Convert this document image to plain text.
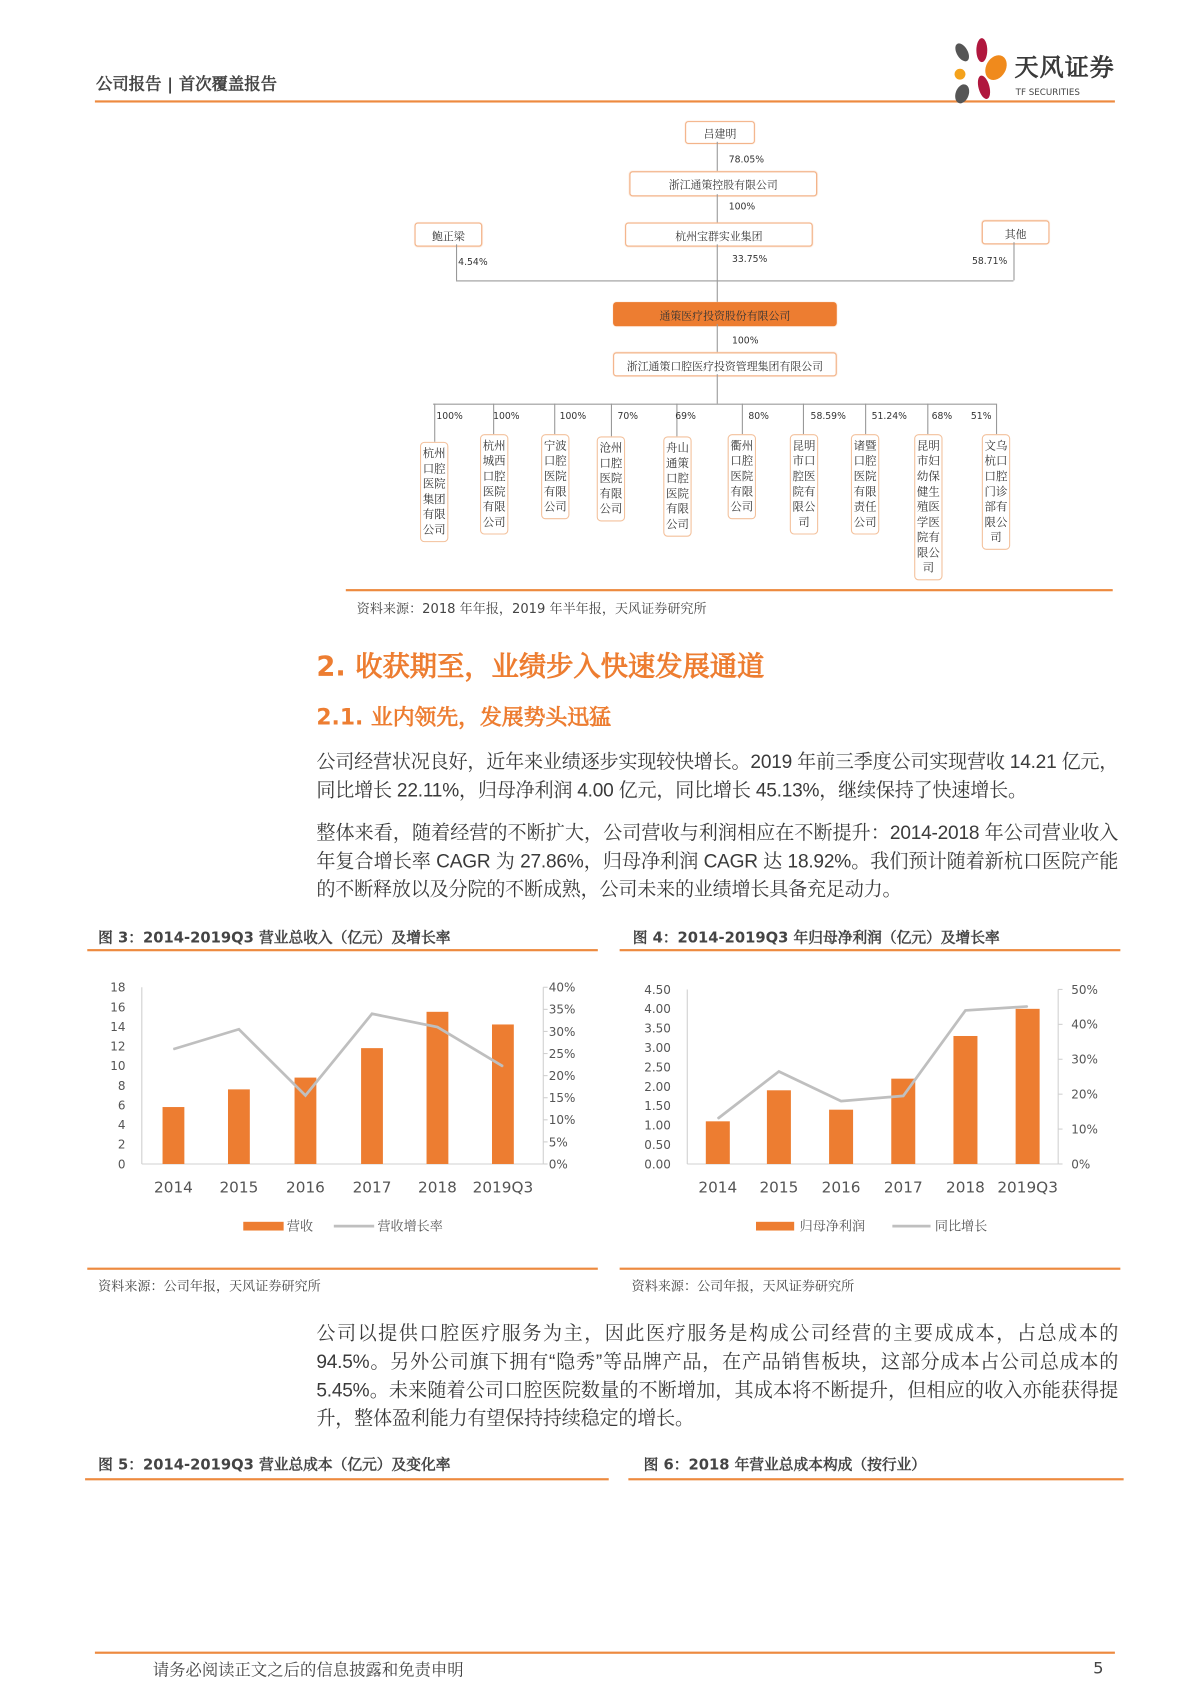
公司报告 | 首次覆盖报告
天风证券
TF SECURITIES
吕建明
78.05%
浙江通策控股有限公司
100%
鲍正梁	杭州宝群实业集团	其他
4.54%	33.75%	58.71%
通策医疗投资股份有限公司
100%
浙江通策口腔医疗投资管理集团有限公司
100%
杭州口腔医院集团有限公司
100%
杭州城西口腔医院有限公司
100%
宁波口腔医院有限公司
70%
沧州口腔医院有限公司
69%
舟山通策口腔医院有限公司
80%
衢州口腔医院有限公司
58.59%
昆明市口腔医院有限公司
51.24%
诸暨口腔医院有限责任公司
68%
昆明市妇幼保健生殖医学医院有限公司
51%
文乌杭口口腔门诊部有限公司
资料来源：2018 年年报，2019 年半年报，天风证券研究所
2. 收获期至，业绩步入快速发展通道
2.1. 业内领先，发展势头迅猛
公司经营状况良好，近年来业绩逐步实现较快增长。2019 年前三季度公司实现营收 14.21 亿元，同比增长 22.11%，归母净利润 4.00 亿元，同比增长 45.13%，继续保持了快速增长。
整体来看，随着经营的不断扩大，公司营收与利润相应在不断提升：2014-2018 年公司营业收入年复合增长率 CAGR 为 27.86%，归母净利润 CAGR 达 18.92%。我们预计随着新杭口医院产能的不断释放以及分院的不断成熟，公司未来的业绩增长具备充足动力。
图 3：2014-2019Q3 营业总收入（亿元）及增长率	图 4：2014-2019Q3 年归母净利润（亿元）及增长率
0
2
4
6
8
10
12
14
16
18
0%
5%
10%
15%
20%
25%
30%
35%
40%
2014 2015 2016 2017 2018 2019Q3
营收	营收增长率
0.00
0.50
1.00
1.50
2.00
2.50
3.00
3.50
4.00
4.50
0%
10%
20%
30%
40%
50%
2014 2015 2016 2017 2018 2019Q3
归母净利润	同比增长
资料来源：公司年报，天风证券研究所	资料来源：公司年报，天风证券研究所
公司以提供口腔医疗服务为主，因此医疗服务是构成公司经营的主要成成本，占总成本的 94.5%。另外公司旗下拥有“隐秀”等品牌产品，在产品销售板块，这部分成本占公司总成本的 5.45%。未来随着公司口腔医院数量的不断增加，其成本将不断提升，但相应的收入亦能获得提升，整体盈利能力有望保持持续稳定的增长。
图 5：2014-2019Q3 营业总成本（亿元）及变化率	图 6：2018 年营业总成本构成（按行业）
请务必阅读正文之后的信息披露和免责申明	5
